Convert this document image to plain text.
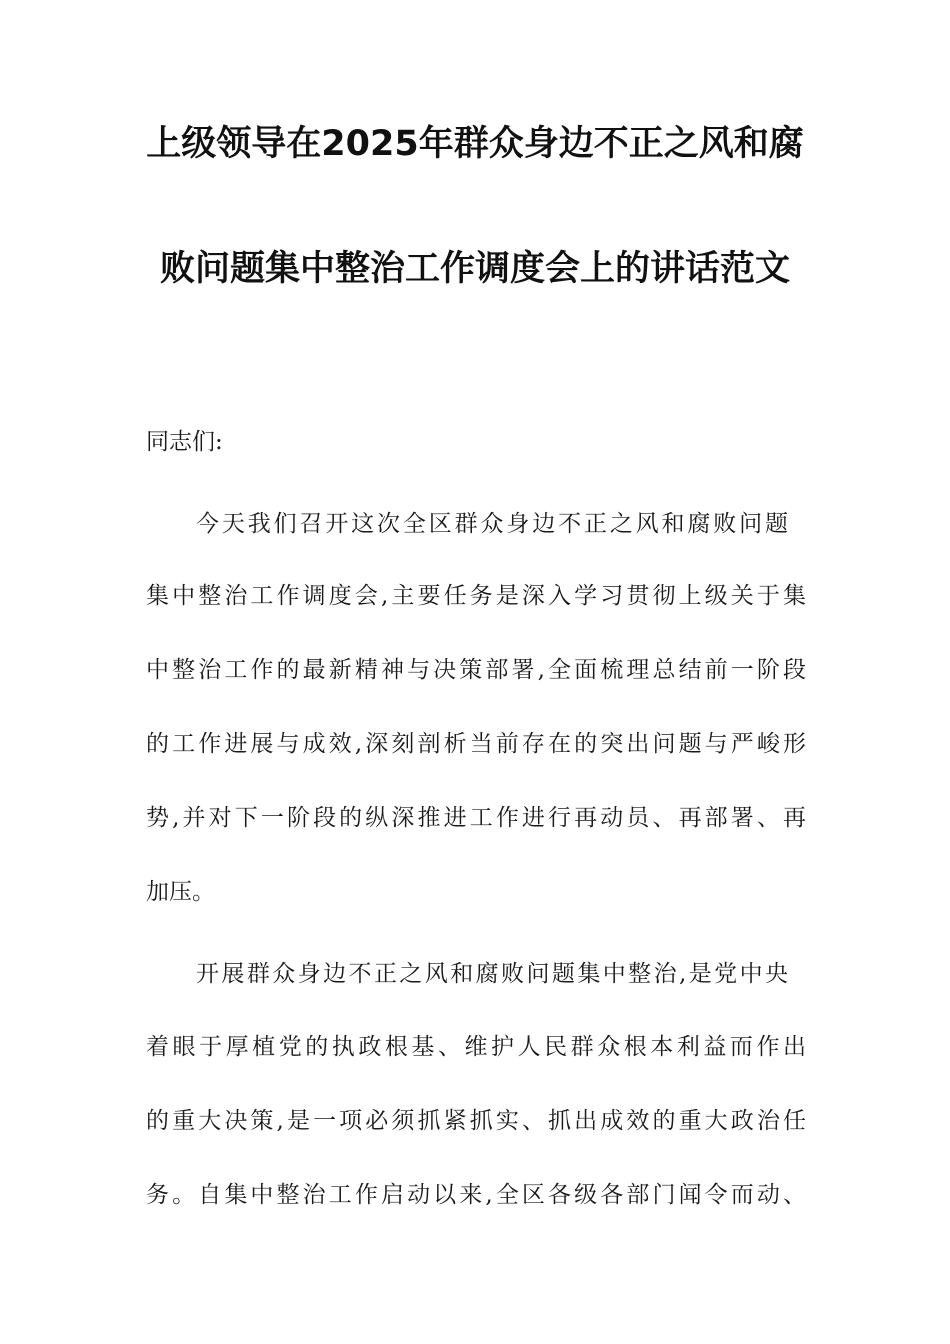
上级领导在2025年群众身边不正之风和腐
败问题集中整治工作调度会上的讲话范文
同志们:
今天我们召开这次全区群众身边不正之风和腐败问题
集中整治工作调度会,主要任务是深入学习贯彻上级关于集
中整治工作的最新精神与决策部署,全面梳理总结前一阶段
的工作进展与成效,深刻剖析当前存在的突出问题与严峻形
势,并对下一阶段的纵深推进工作进行再动员、再部署、再
加压。
开展群众身边不正之风和腐败问题集中整治,是党中央
着眼于厚植党的执政根基、维护人民群众根本利益而作出
的重大决策,是一项必须抓紧抓实、抓出成效的重大政治任
务。自集中整治工作启动以来,全区各级各部门闻令而动、
